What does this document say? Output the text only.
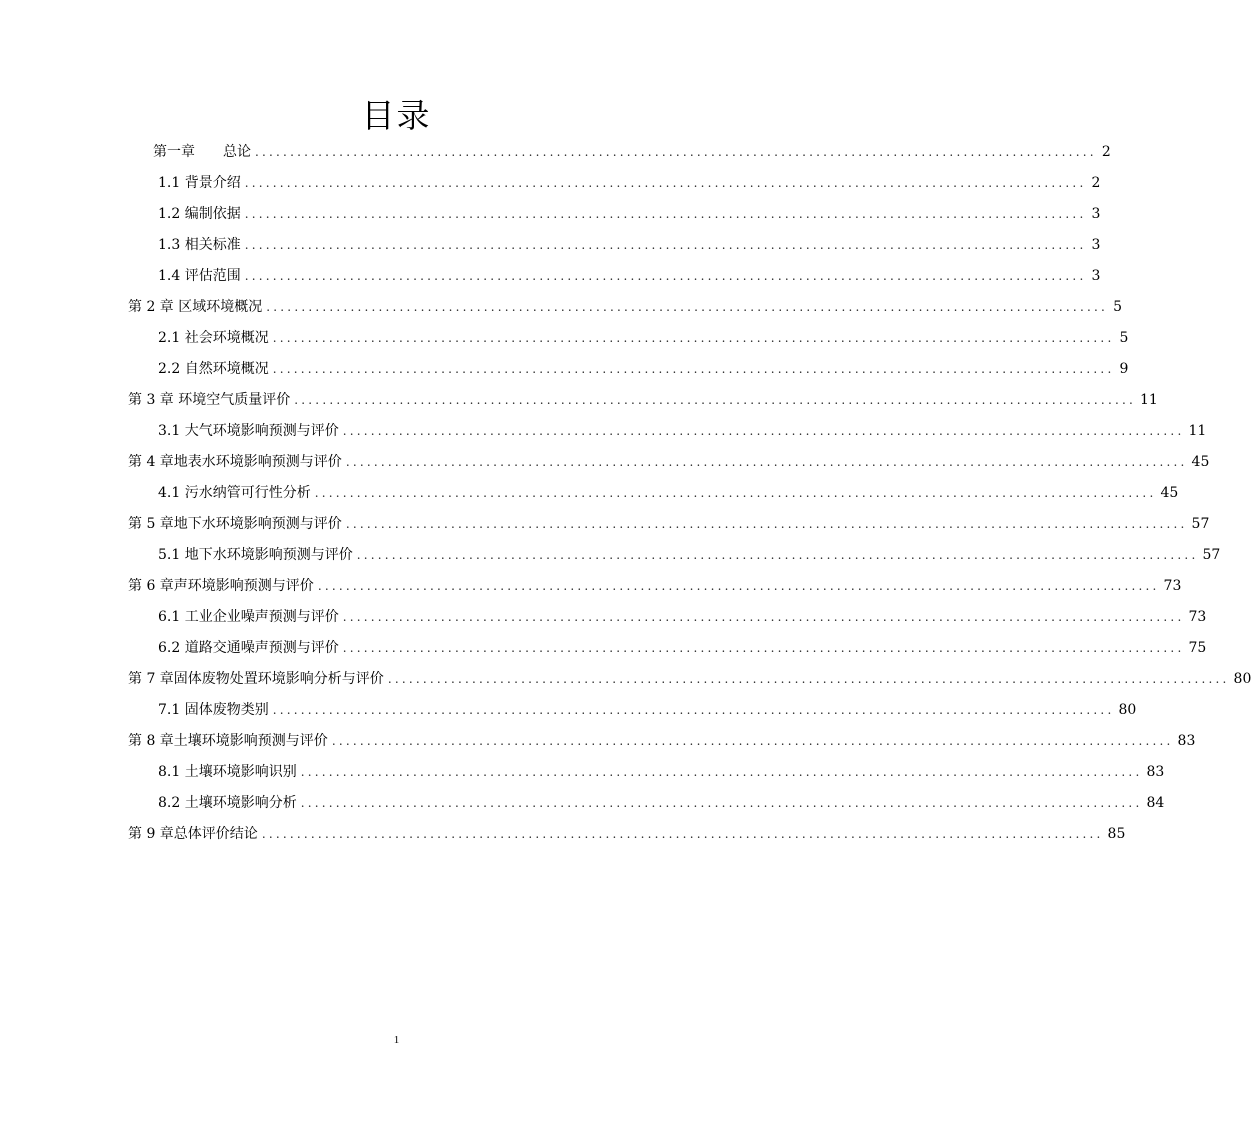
目录
第一章　　总论 ........................................................................................................................ 2
1.1 背景介绍 ........................................................................................................................ 2
1.2 编制依据 ........................................................................................................................ 3
1.3 相关标准 ........................................................................................................................ 3
1.4 评估范围 ........................................................................................................................ 3
第 2 章 区域环境概况 ........................................................................................................................ 5
2.1 社会环境概况 ........................................................................................................................ 5
2.2 自然环境概况 ........................................................................................................................ 9
第 3 章 环境空气质量评价 ........................................................................................................................ 11
3.1 大气环境影响预测与评价 ........................................................................................................................ 11
第 4 章地表水环境影响预测与评价 ........................................................................................................................ 45
4.1 污水纳管可行性分析 ........................................................................................................................ 45
第 5 章地下水环境影响预测与评价 ........................................................................................................................ 57
5.1 地下水环境影响预测与评价 ........................................................................................................................ 57
第 6 章声环境影响预测与评价 ........................................................................................................................ 73
6.1 工业企业噪声预测与评价 ........................................................................................................................ 73
6.2 道路交通噪声预测与评价 ........................................................................................................................ 75
第 7 章固体废物处置环境影响分析与评价 ........................................................................................................................ 80
7.1 固体废物类别 ........................................................................................................................ 80
第 8 章土壤环境影响预测与评价 ........................................................................................................................ 83
8.1 土壤环境影响识别 ........................................................................................................................ 83
8.2 土壤环境影响分析 ........................................................................................................................ 84
第 9 章总体评价结论 ........................................................................................................................ 85
1
